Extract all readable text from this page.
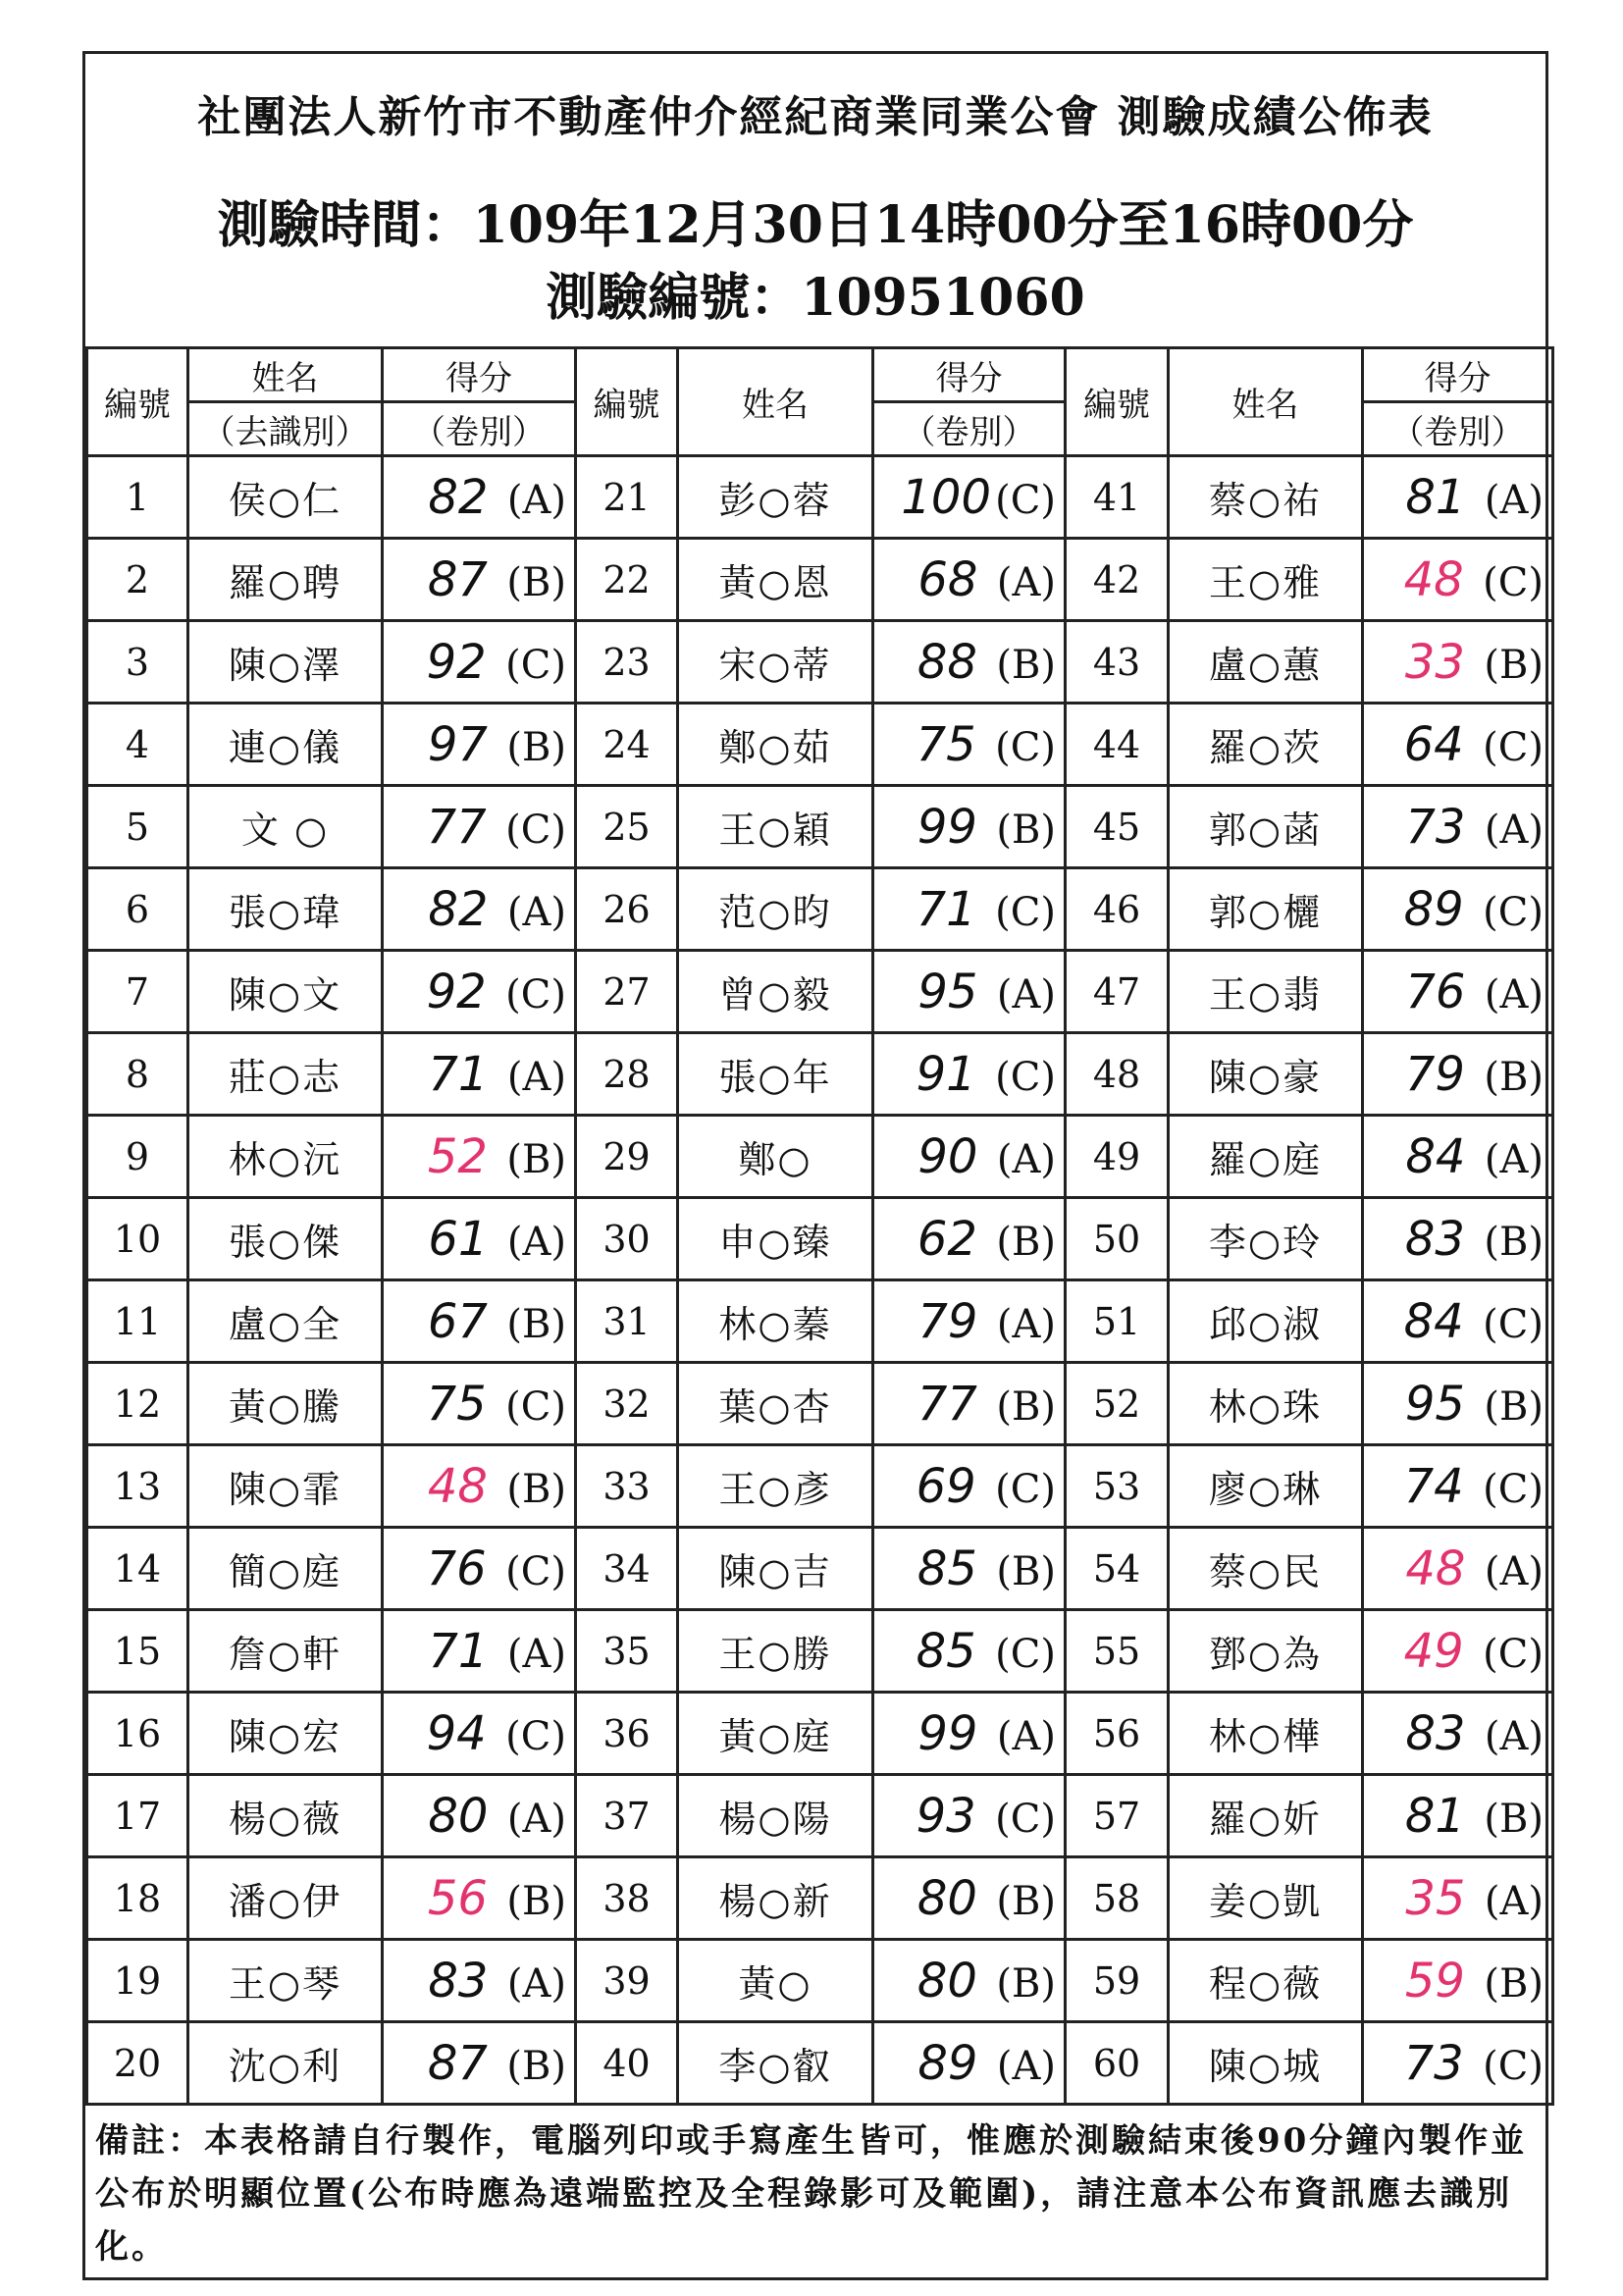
社團法人新竹市不動產仲介經紀商業同業公會 測驗成績公佈表
測驗時間：109年12月30日14時00分至16時00分
測驗編號：10951060
編號	姓名	得分	編號	姓名	得分	編號	姓名	得分
	（去識別）	（卷別）			（卷別）			（卷別）
1	侯○仁	82 (A)	21	彭○蓉	100 (C)	41	蔡○祐	81 (A)
2	羅○聘	87 (B)	22	黃○恩	68 (A)	42	王○雅	48 (C)
3	陳○澤	92 (C)	23	宋○蒂	88 (B)	43	盧○蕙	33 (B)
4	連○儀	97 (B)	24	鄭○茹	75 (C)	44	羅○茨	64 (C)
5	文 ○	77 (C)	25	王○穎	99 (B)	45	郭○菡	73 (A)
6	張○瑋	82 (A)	26	范○昀	71 (C)	46	郭○欐	89 (C)
7	陳○文	92 (C)	27	曾○毅	95 (A)	47	王○翡	76 (A)
8	莊○志	71 (A)	28	張○年	91 (C)	48	陳○豪	79 (B)
9	林○沅	52 (B)	29	鄭○	90 (A)	49	羅○庭	84 (A)
10	張○傑	61 (A)	30	申○臻	62 (B)	50	李○玲	83 (B)
11	盧○全	67 (B)	31	林○蓁	79 (A)	51	邱○淑	84 (C)
12	黃○騰	75 (C)	32	葉○杏	77 (B)	52	林○珠	95 (B)
13	陳○霏	48 (B)	33	王○彥	69 (C)	53	廖○琳	74 (C)
14	簡○庭	76 (C)	34	陳○吉	85 (B)	54	蔡○民	48 (A)
15	詹○軒	71 (A)	35	王○勝	85 (C)	55	鄧○為	49 (C)
16	陳○宏	94 (C)	36	黃○庭	99 (A)	56	林○樺	83 (A)
17	楊○薇	80 (A)	37	楊○陽	93 (C)	57	羅○妡	81 (B)
18	潘○伊	56 (B)	38	楊○新	80 (B)	58	姜○凱	35 (A)
19	王○琴	83 (A)	39	黃○	80 (B)	59	程○薇	59 (B)
20	沈○利	87 (B)	40	李○叡	89 (A)	60	陳○城	73 (C)
備註：本表格請自行製作，電腦列印或手寫產生皆可，惟應於測驗結束後90分鐘內製作並公布於明顯位置(公布時應為遠端監控及全程錄影可及範圍)，請注意本公布資訊應去識別化。
